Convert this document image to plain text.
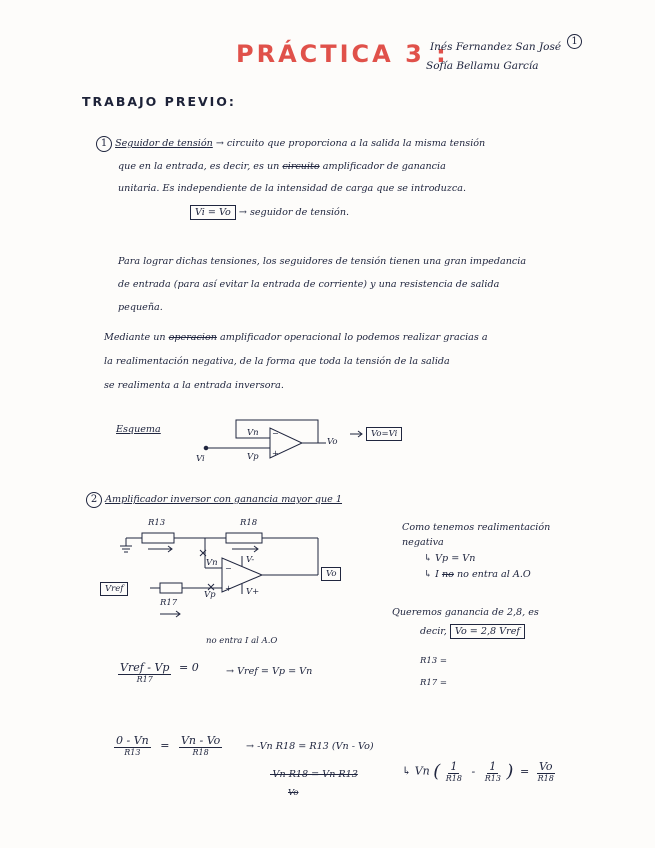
PRÁCTICA 3 :
Inés Fernandez San José
Sofía Bellamu García
1
TRABAJO PREVIO:
1 Seguidor de tensión → circuito que proporciona a la salida la misma tensión
que en la entrada, es decir, es un circuito amplificador de ganancia
unitaria. Es independiente de la intensidad de carga que se introduzca.
Vi = Vo → seguidor de tensión.
Para lograr dichas tensiones, los seguidores de tensión tienen una gran impedancia
de entrada (para así evitar la entrada de corriente) y una resistencia de salida
pequeña.
Mediante un operacion amplificador operacional lo podemos realizar gracias a
la realimentación negativa, de la forma que toda la tensión de la salida
se realimenta a la entrada inversora.
Esquema	−
+
Vn
Vp
Vo
Vi
Vo=Vi
2 Amplificador inversor con ganancia mayor que 1
−
+
R13	R18
R17
Vn
Vp
V-
V+
Vo
Vref
Como tenemos realimentación
negativa
↳ Vp = Vn
↳ I no no entra al A.O
Queremos ganancia de 2,8, es
decir, Vo = 2,8 Vref
R13 =
R17 =
no entra I al A.O
$\frac{\text{Vref - Vp}}{R17} = 0$	→ Vref = Vp = Vn
$\frac{0 - Vn}{R13} = \frac{Vn - Vo}{R18} \to -Vn$ R18 = R13 (Vn - Vo)
-Vn R18 = Vn R13
Vo
↳ Vn ( $\frac{1}{R18} - \frac{1}{R13}$ ) = $\frac{Vo}{R18}$
